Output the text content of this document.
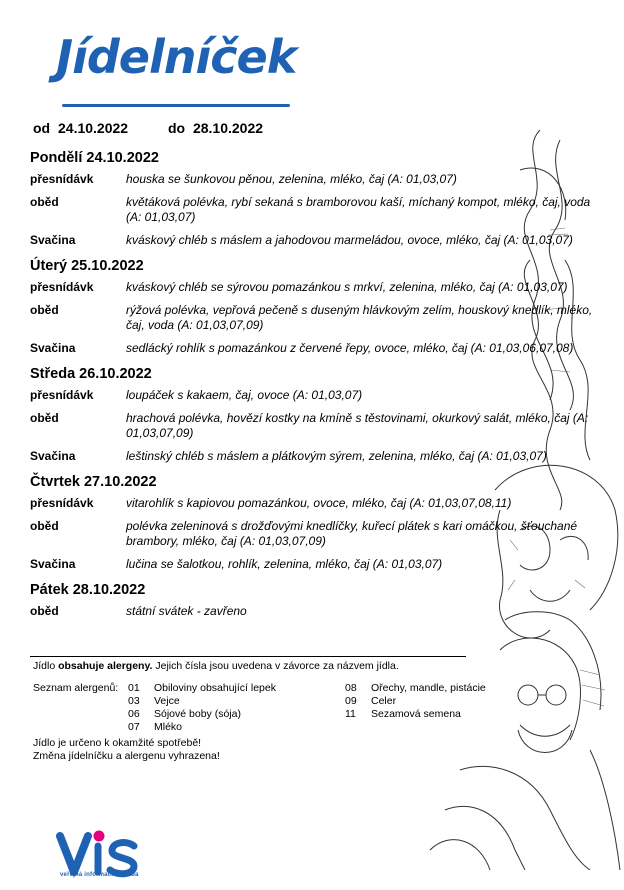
Jídelníček
od 24.10.2022	do 28.10.2022
Pondělí 24.10.2022
přesnídávk	houska se šunkovou pěnou, zelenina, mléko, čaj (A: 01,03,07)
oběd	květáková polévka, rybí sekaná s bramborovou kaší, míchaný kompot, mléko, čaj, voda (A: 01,03,07)
Svačina	kváskový chléb s máslem a jahodovou marmeládou, ovoce, mléko, čaj (A: 01,03,07)
Úterý 25.10.2022
přesnídávk	kváskový chléb se sýrovou pomazánkou s mrkví, zelenina, mléko, čaj (A: 01,03,07)
oběd	rýžová polévka, vepřová pečeně s duseným hlávkovým zelím, houskový knedlík, mléko, čaj, voda (A: 01,03,07,09)
Svačina	sedlácký rohlík s pomazánkou z červené řepy, ovoce, mléko, čaj (A: 01,03,06,07,08)
Středa 26.10.2022
přesnídávk	loupáček s kakaem, čaj, ovoce (A: 01,03,07)
oběd	hrachová polévka, hovězí kostky na kmíně s těstovinami, okurkový salát, mléko, čaj (A: 01,03,07,09)
Svačina	leštinský chléb s máslem a plátkovým sýrem, zelenina, mléko, čaj (A: 01,03,07)
Čtvrtek 27.10.2022
přesnídávk	vitarohlík s kapiovou pomazánkou, ovoce, mléko, čaj (A: 01,03,07,08,11)
oběd	polévka zeleninová s drožďovými knedlíčky, kuřecí plátek s kari omáčkou, šťouchané brambory, mléko, čaj (A: 01,03,07,09)
Svačina	lučina se šalotkou, rohlík, zelenina, mléko, čaj (A: 01,03,07)
Pátek 28.10.2022
oběd	státní svátek - zavřeno
Jídlo obsahuje alergeny. Jejich čísla jsou uvedena v závorce za názvem jídla.
Seznam alergenů: 01	Obiloviny obsahující lepek
03	Vejce
06	Sójové boby (sója)
07	Mléko
08	Ořechy, mandle, pistácie
09	Celer
11	Sezamová semena
Jídlo je určeno k okamžité spotřebě!
Změna jídelníčku a alergenu vyhrazena!
veřejná informační služba
